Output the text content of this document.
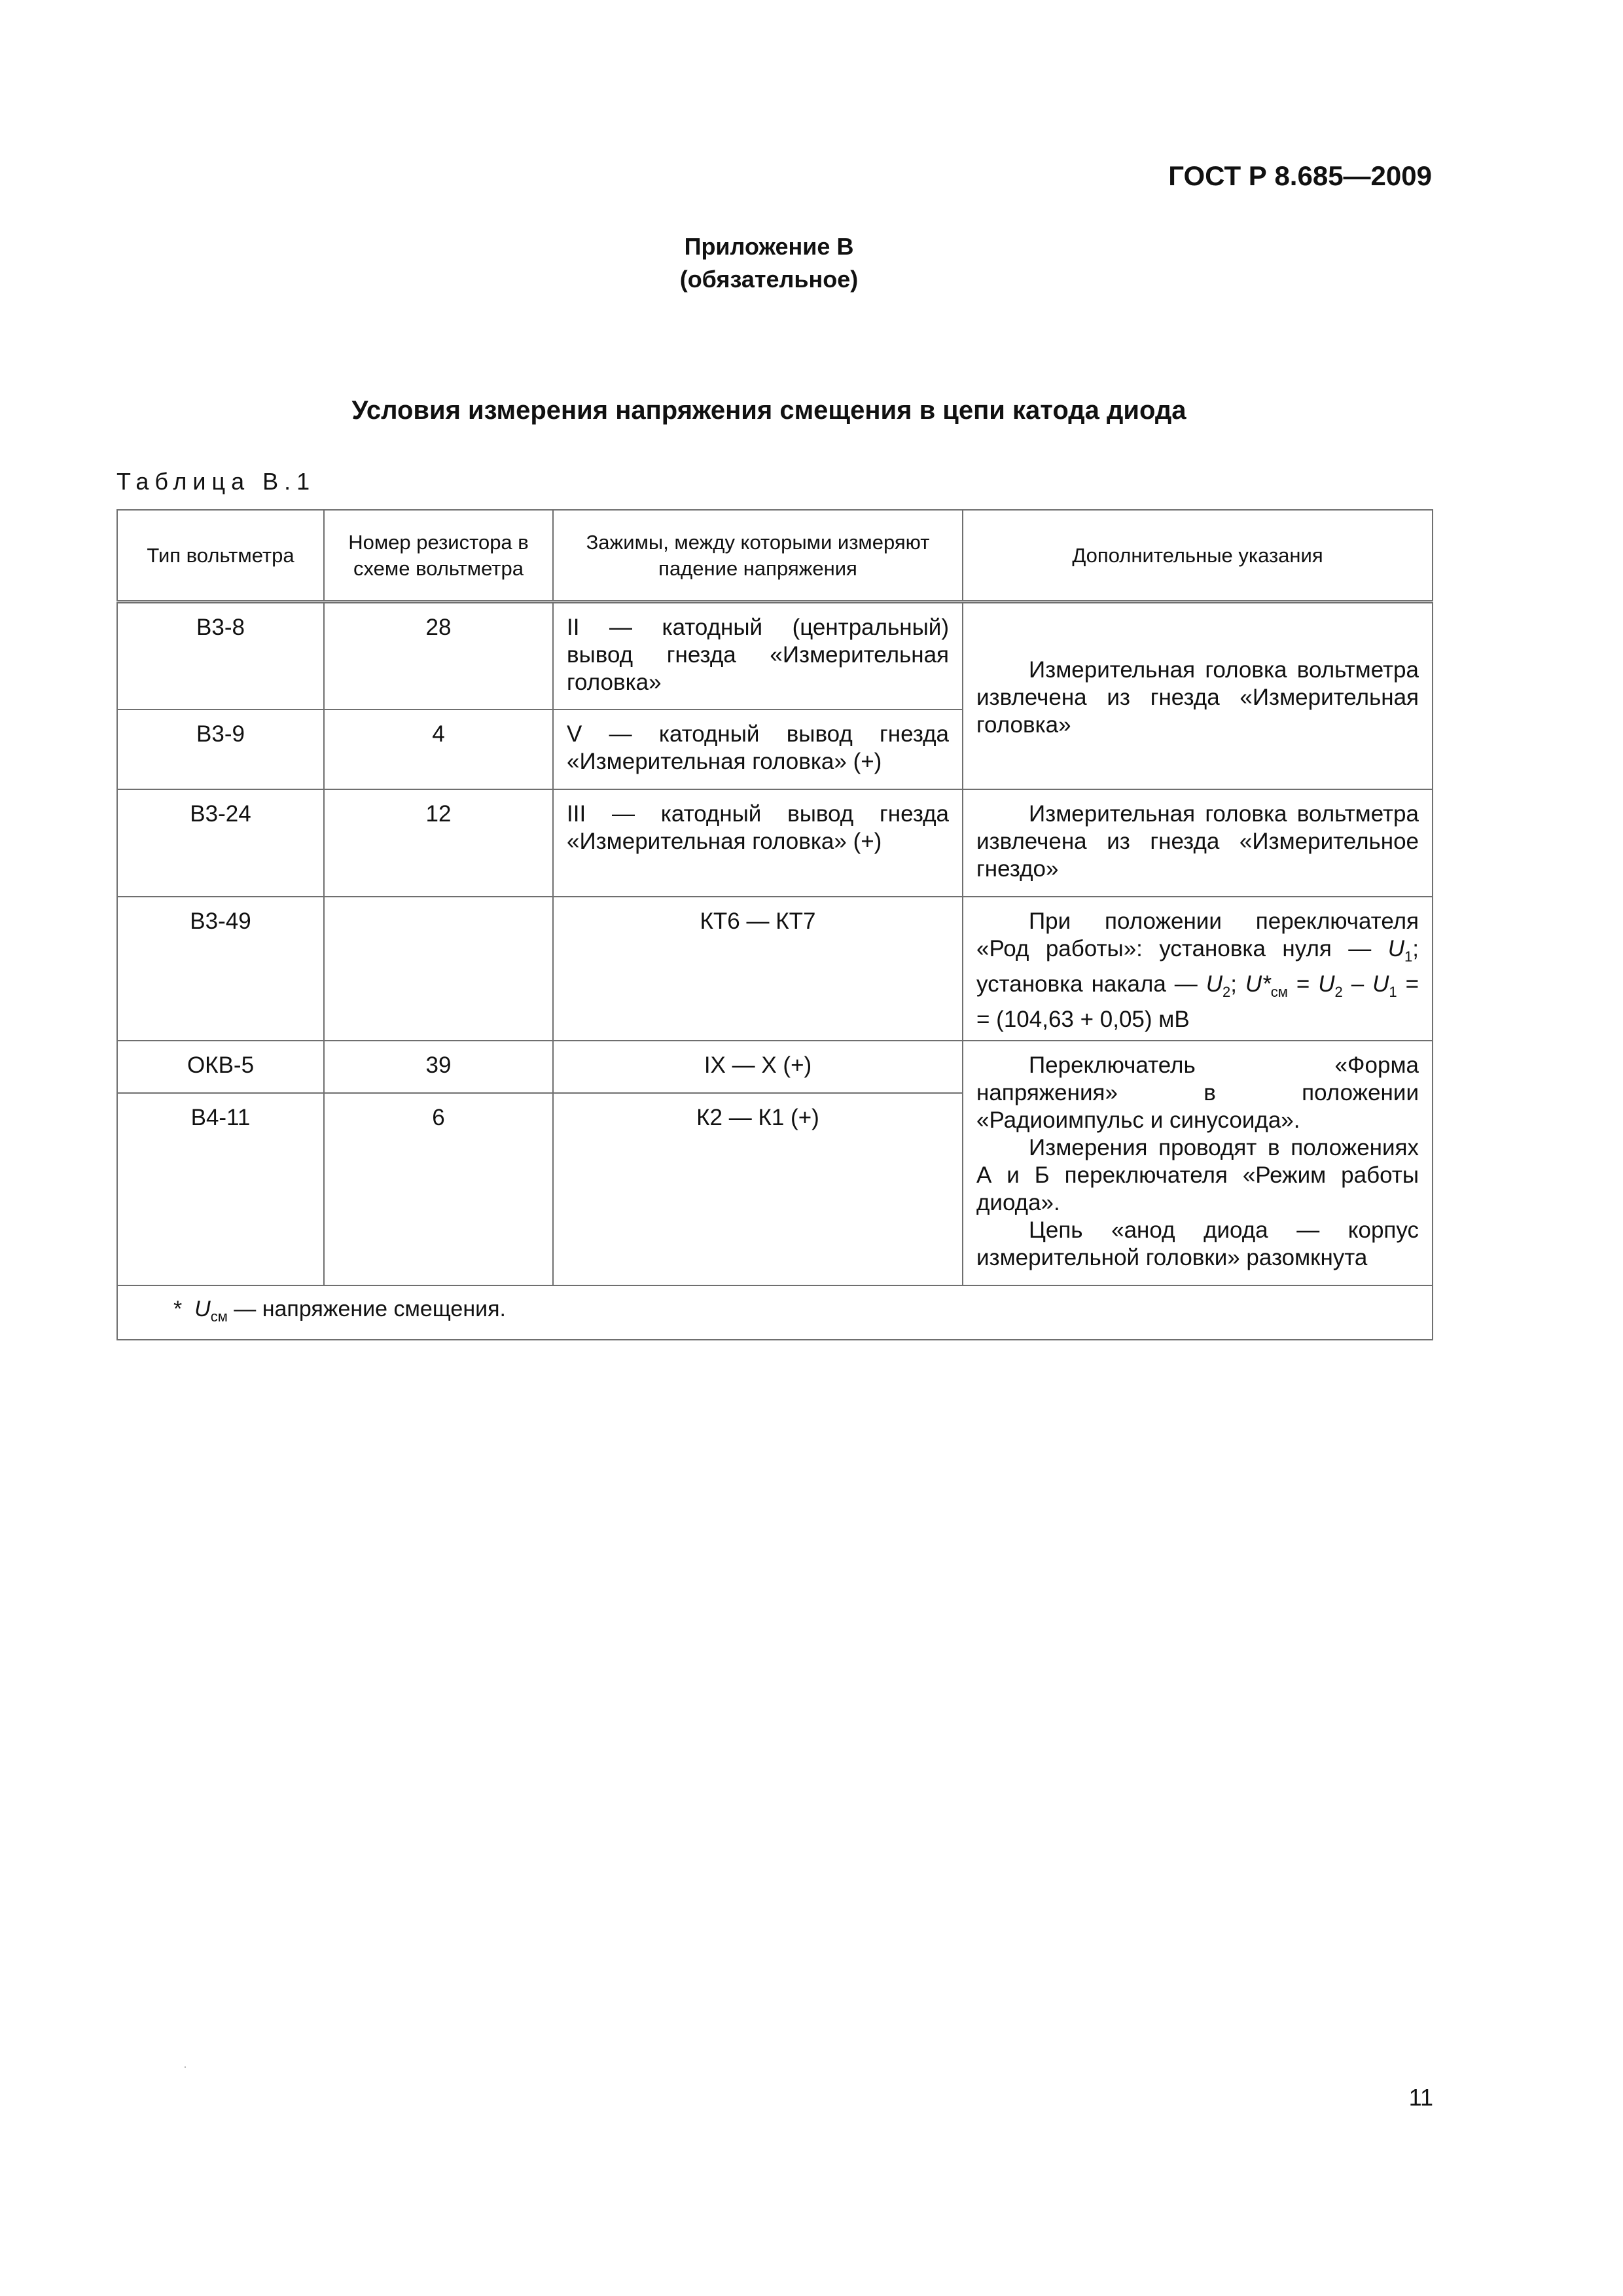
ГОСТ Р 8.685—2009
Приложение В
(обязательное)
Условия измерения напряжения смещения в цепи катода диода
Таблица В.1
Тип вольтметра	Номер резистора в схеме вольтметра	Зажимы, между которыми измеряют падение напряжения	Дополнительные указания
В3-8	28	II — катодный (центральный) вывод гнезда «Измерительная головка»	Измерительная головка вольтметра извлечена из гнезда «Измерительная головка»
В3-9	4	V — катодный вывод гнезда «Измерительная головка» (+)	
В3-24	12	III — катодный вывод гнезда «Измерительная головка» (+)	Измерительная головка вольтметра извлечена из гнезда «Измерительное гнездо»
В3-49		КТ6 — КТ7	При положении переключателя «Род работы»: установка нуля — $U_1$; установка накала — $U_2$; $U*_{см} = U_2 - U_1$ = = (104,63 + 0,05) мВ
ОКВ-5	39	IX — X (+)	Переключатель «Форма напряжения» в положении «Радиоимпульс и синусоида».
Измерения проводят в положениях А и Б переключателя «Режим работы диода».
Цепь «анод диода — корпус измерительной головки» разомкнута

В4-11	6	К2 — К1 (+)	
* $U_{см}$ — напряжение смещения.			
.
11
